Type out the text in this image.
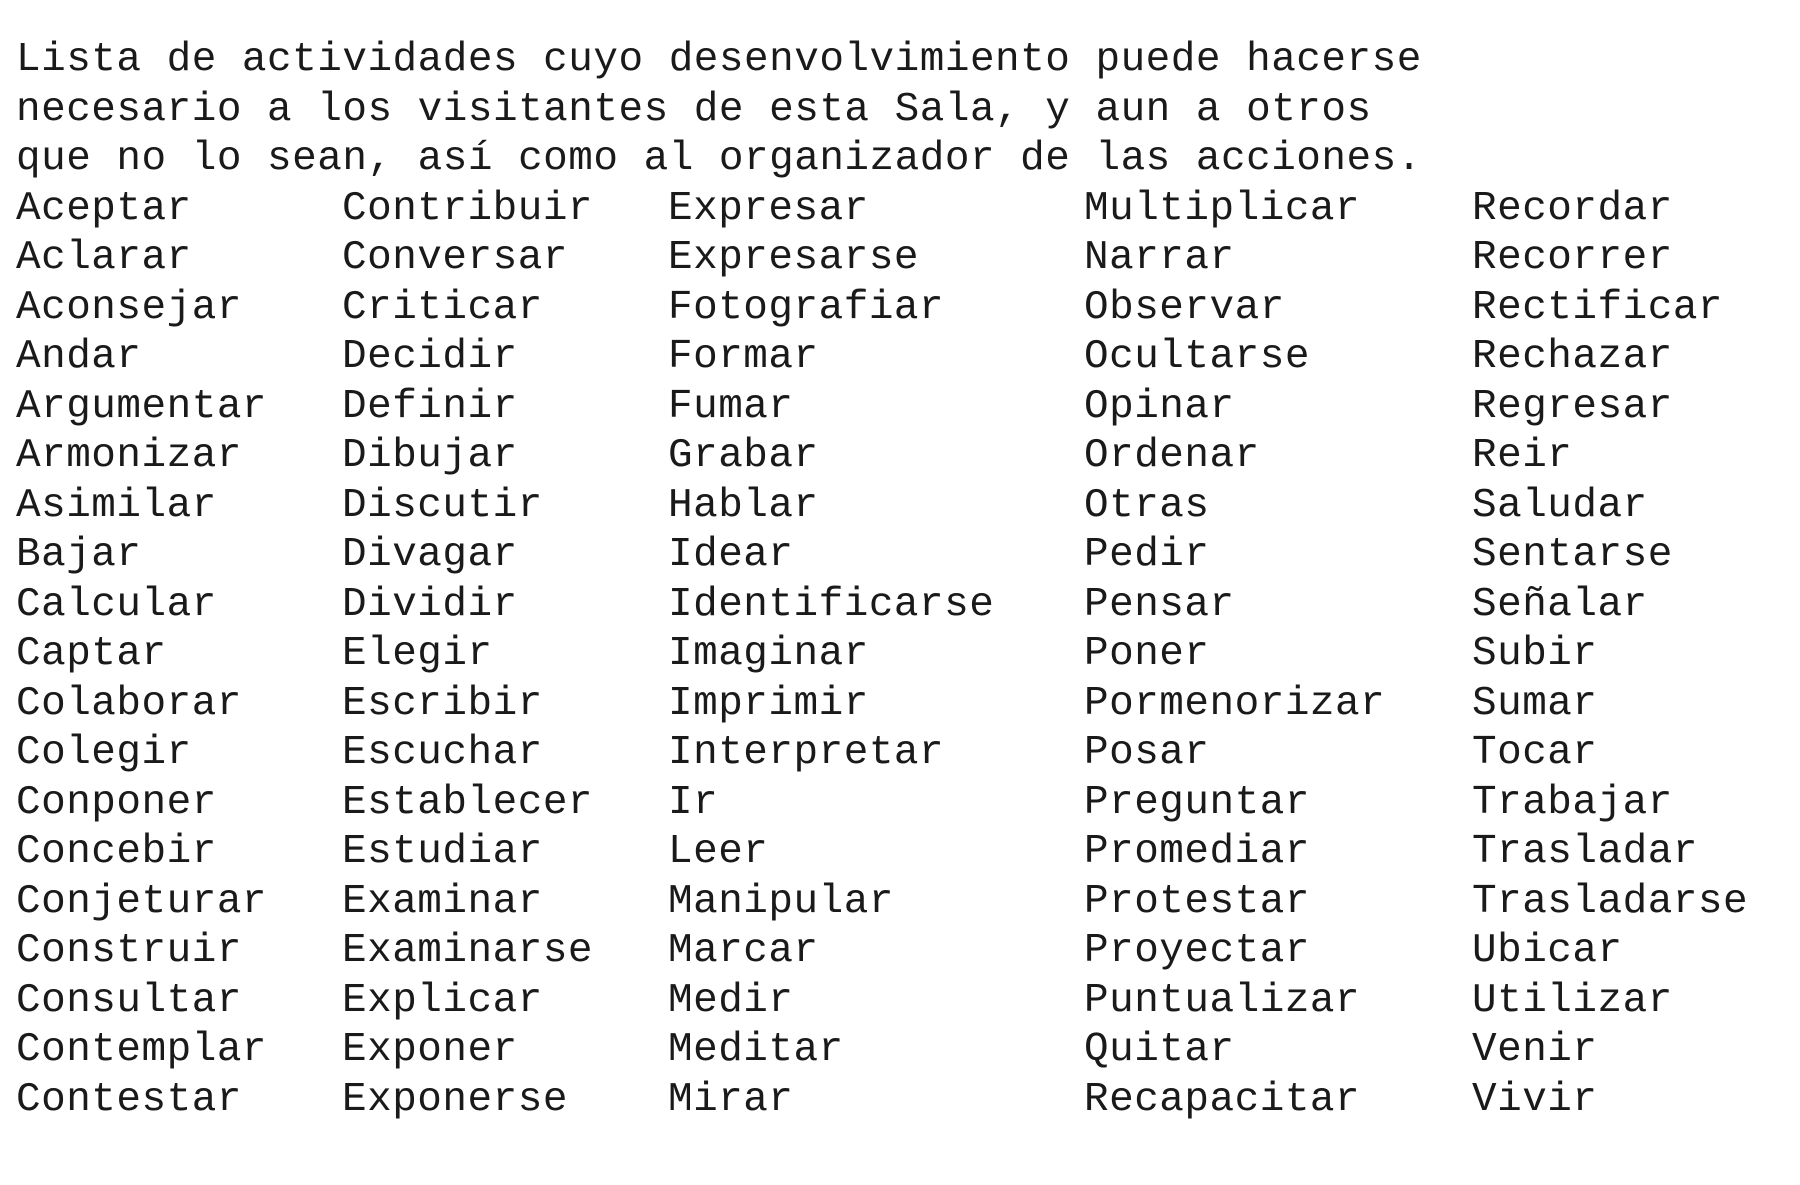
Lista de actividades cuyo desenvolvimiento puede hacerse
necesario a los visitantes de esta Sala, y aun a otros
que no lo sean, así como al organizador de las acciones.

Aceptar
Aclarar
Aconsejar
Andar
Argumentar
Armonizar
Asimilar
Bajar
Calcular
Captar
Colaborar
Colegir
Conponer
Concebir
Conjeturar
Construir
Consultar
Contemplar
Contestar
Contribuir
Conversar
Criticar
Decidir
Definir
Dibujar
Discutir
Divagar
Dividir
Elegir
Escribir
Escuchar
Establecer
Estudiar
Examinar
Examinarse
Explicar
Exponer
Exponerse
Expresar
Expresarse
Fotografiar
Formar
Fumar
Grabar
Hablar
Idear
Identificarse
Imaginar
Imprimir
Interpretar
Ir
Leer
Manipular
Marcar
Medir
Meditar
Mirar
Multiplicar
Narrar
Observar
Ocultarse
Opinar
Ordenar
Otras
Pedir
Pensar
Poner
Pormenorizar
Posar
Preguntar
Promediar
Protestar
Proyectar
Puntualizar
Quitar
Recapacitar
Recordar
Recorrer
Rectificar
Rechazar
Regresar
Reir
Saludar
Sentarse
Señalar
Subir
Sumar
Tocar
Trabajar
Trasladar
Trasladarse
Ubicar
Utilizar
Venir
Vivir
